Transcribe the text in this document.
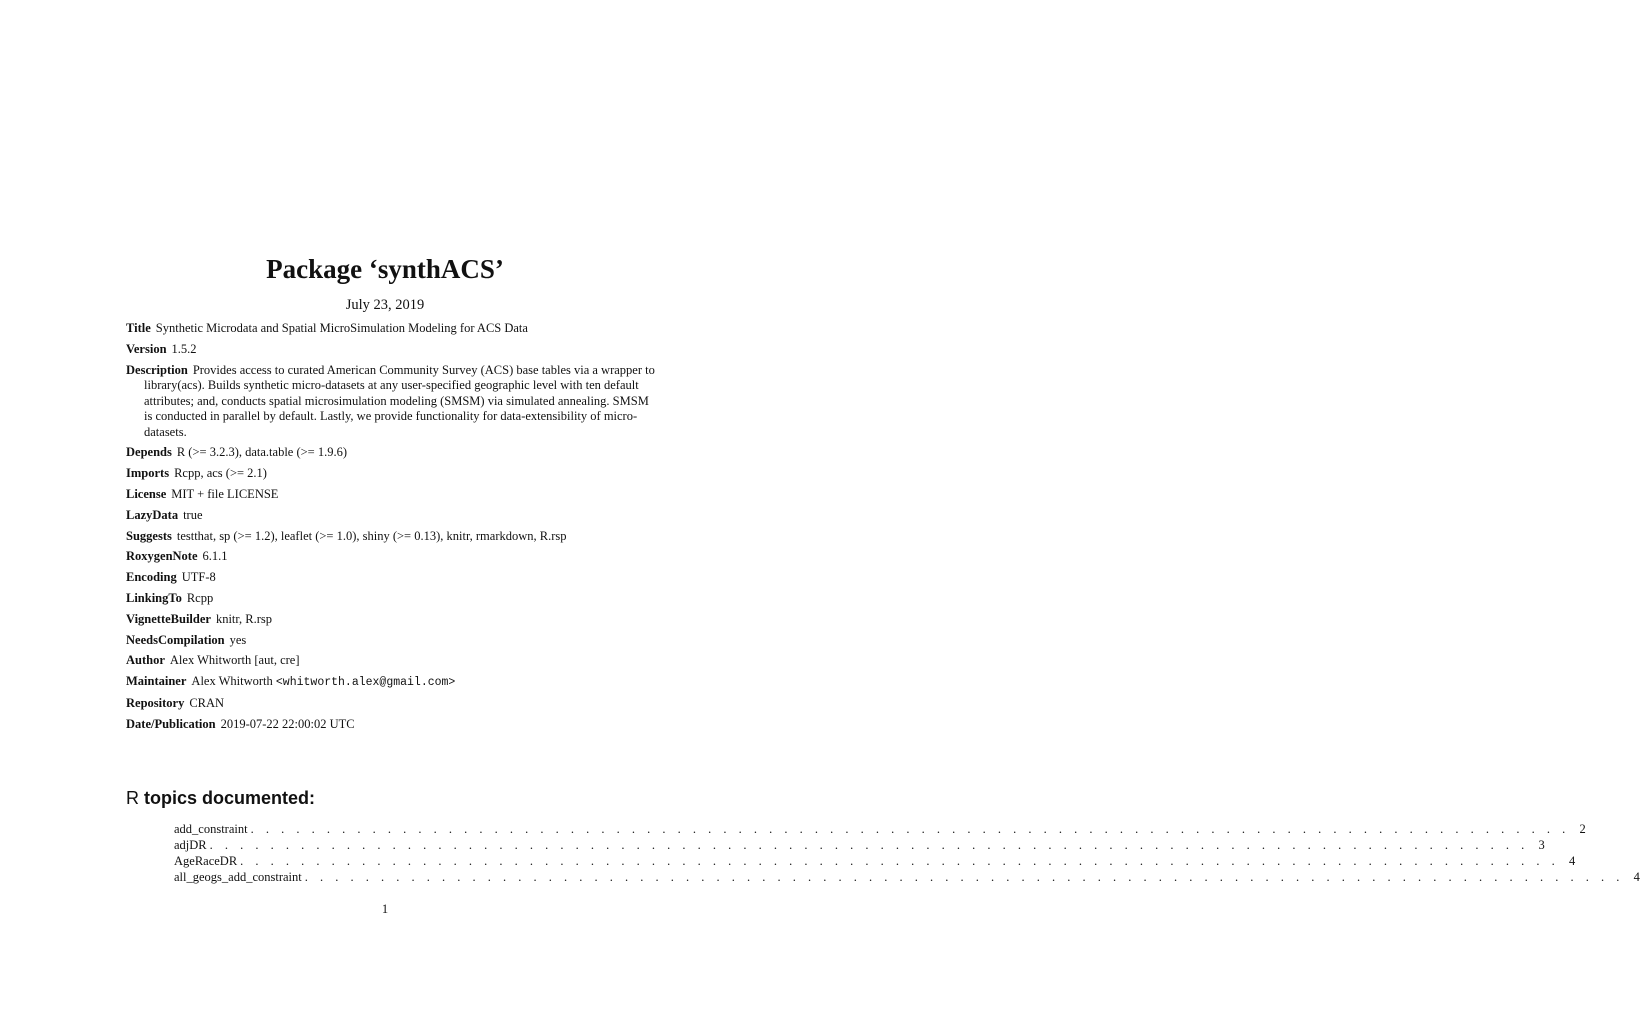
Package ‘synthACS’
July 23, 2019
Title Synthetic Microdata and Spatial MicroSimulation Modeling for ACS Data
Version 1.5.2
Description Provides access to curated American Community Survey (ACS) base tables via a wrapper to library(acs). Builds synthetic micro-datasets at any user-specified geographic level with ten default attributes; and, conducts spatial microsimulation modeling (SMSM) via simulated annealing. SMSM is conducted in parallel by default. Lastly, we provide functionality for data-extensibility of micro-datasets.
Depends R (>= 3.2.3), data.table (>= 1.9.6)
Imports Rcpp, acs (>= 2.1)
License MIT + file LICENSE
LazyData true
Suggests testthat, sp (>= 1.2), leaflet (>= 1.0), shiny (>= 0.13), knitr, rmarkdown, R.rsp
RoxygenNote 6.1.1
Encoding UTF-8
LinkingTo Rcpp
VignetteBuilder knitr, R.rsp
NeedsCompilation yes
Author Alex Whitworth [aut, cre]
Maintainer Alex Whitworth <whitworth.alex@gmail.com>
Repository CRAN
Date/Publication 2019-07-22 22:00:02 UTC
R topics documented:
add_constraint . . . . . . . . . . . . . . . . . . . . . . . . . . . . . . . . . . . . . . . . . . . . . . . . . . . . . . . . . . . . . . . . . . . . . . . . . . . . . . . . . . . . . . . 2
adjDR . . . . . . . . . . . . . . . . . . . . . . . . . . . . . . . . . . . . . . . . . . . . . . . . . . . . . . . . . . . . . . . . . . . . . . . . . . . . . . . . . . . . . . . 3
AgeRaceDR . . . . . . . . . . . . . . . . . . . . . . . . . . . . . . . . . . . . . . . . . . . . . . . . . . . . . . . . . . . . . . . . . . . . . . . . . . . . . . . . . . . . . . . 4
all_geogs_add_constraint . . . . . . . . . . . . . . . . . . . . . . . . . . . . . . . . . . . . . . . . . . . . . . . . . . . . . . . . . . . . . . . . . . . . . . . . . . . . . . . . . . . . . . . 4
1
